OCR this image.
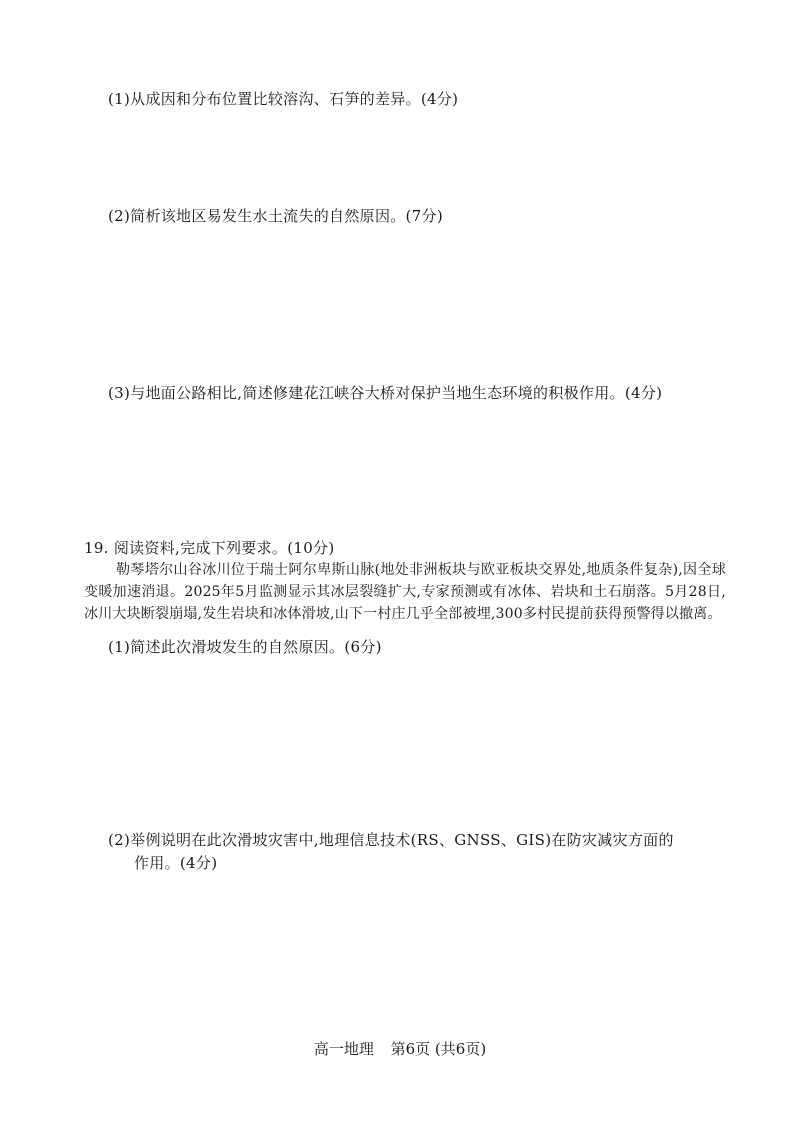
(1)从成因和分布位置比较溶沟、石笋的差异。(4分)
(2)简析该地区易发生水土流失的自然原因。(7分)
(3)与地面公路相比,简述修建花江峡谷大桥对保护当地生态环境的积极作用。(4分)
19. 阅读资料,完成下列要求。(10分)
勒琴塔尔山谷冰川位于瑞士阿尔卑斯山脉(地处非洲板块与欧亚板块交界处,地质条件复杂),因全球变暖加速消退。2025年5月监测显示其冰层裂缝扩大,专家预测或有冰体、岩块和土石崩落。5月28日,冰川大块断裂崩塌,发生岩块和冰体滑坡,山下一村庄几乎全部被埋,300多村民提前获得预警得以撤离。
(1)简述此次滑坡发生的自然原因。(6分)
(2)举例说明在此次滑坡灾害中,地理信息技术(RS、GNSS、GIS)在防灾减灾方面的
作用。(4分)
高一地理 第6页 (共6页)
